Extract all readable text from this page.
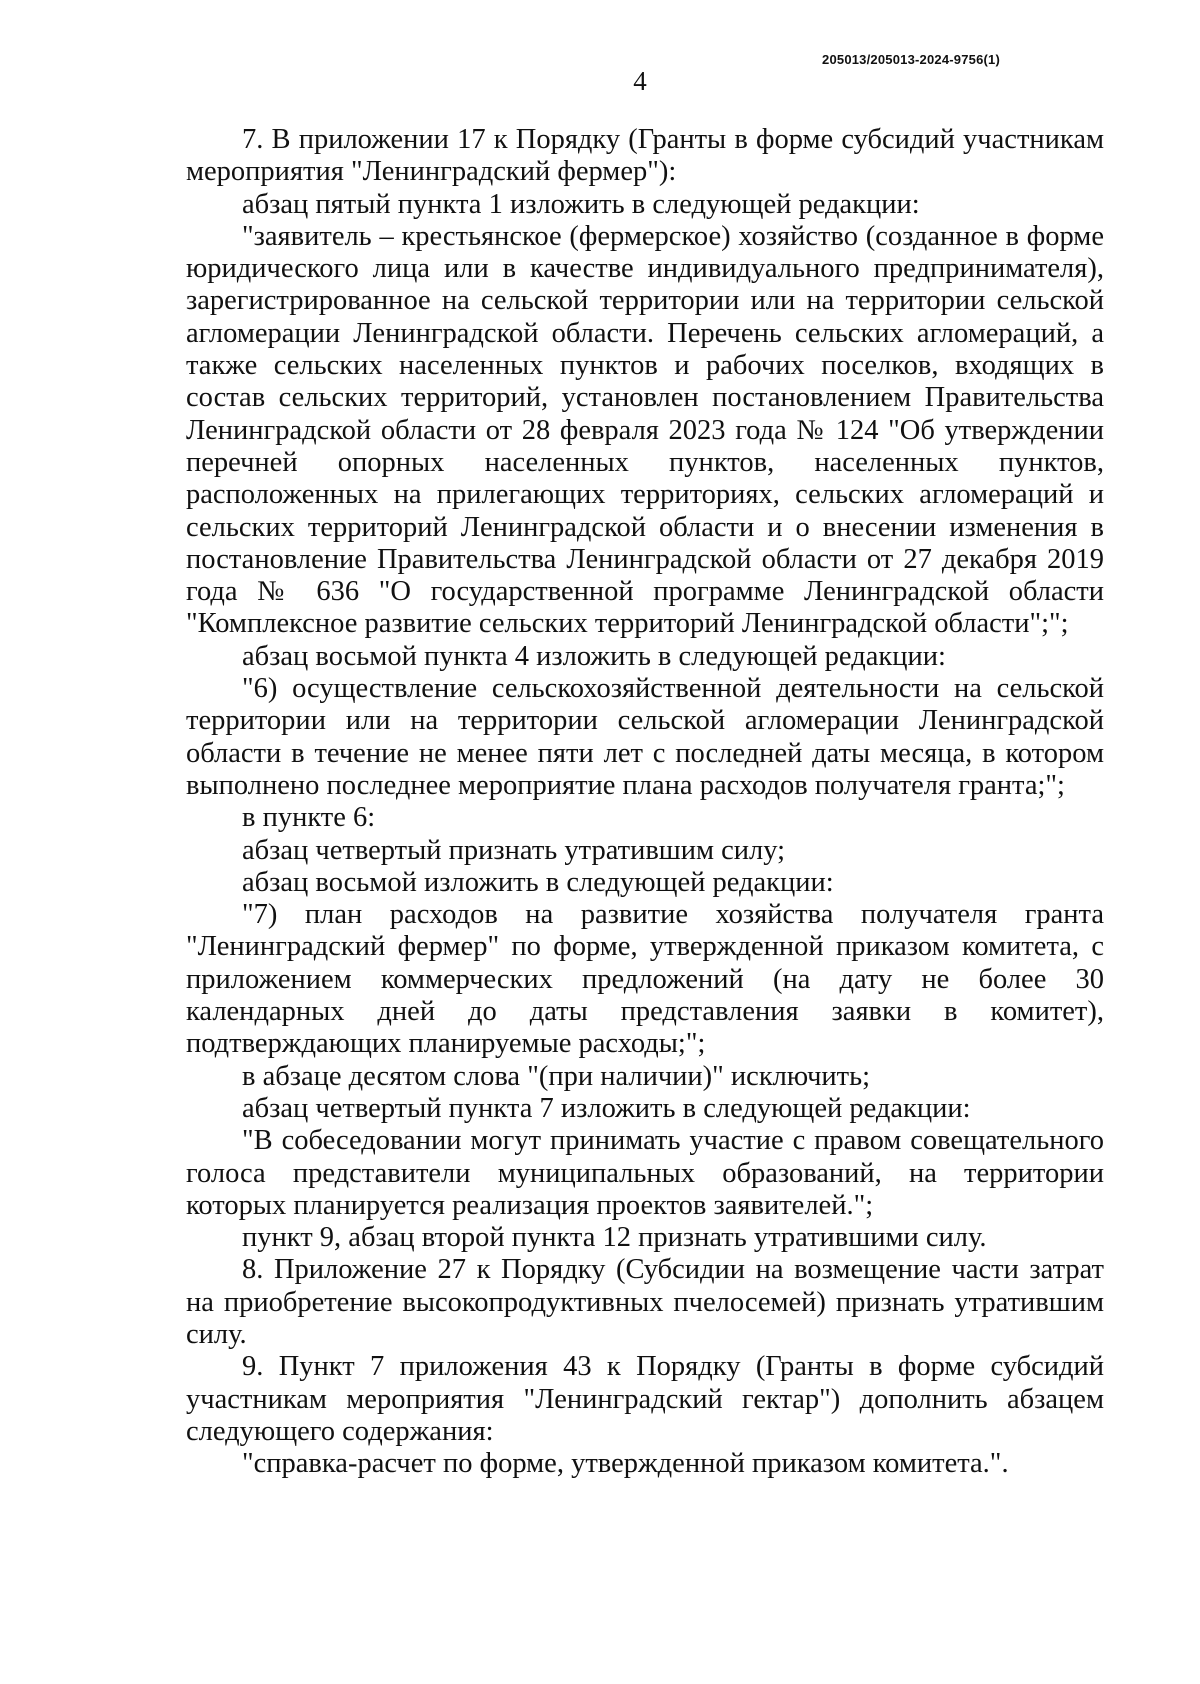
205013/205013-2024-9756(1)
4

7. В приложении 17 к Порядку (Гранты в форме субсидий участникам мероприятия "Ленинградский фермер"):

абзац пятый пункта 1 изложить в следующей редакции:

"заявитель – крестьянское (фермерское) хозяйство (созданное в форме юридического лица или в качестве индивидуального предпринимателя), зарегистрированное на сельской территории или на территории сельской агломерации Ленинградской области. Перечень сельских агломераций, а также сельских населенных пунктов и рабочих поселков, входящих в состав сельских территорий, установлен постановлением Правительства Ленинградской области от 28 февраля 2023 года № 124 "Об утверждении перечней опорных населенных пунктов, населенных пунктов, расположенных на прилегающих территориях, сельских агломераций и сельских территорий Ленинградской области и о внесении изменения в постановление Правительства Ленинградской области от 27 декабря 2019 года № 636 "О государственной программе Ленинградской области "Комплексное развитие сельских территорий Ленинградской области";";

абзац восьмой пункта 4 изложить в следующей редакции:

"6) осуществление сельскохозяйственной деятельности на сельской территории или на территории сельской агломерации Ленинградской области в течение не менее пяти лет с последней даты месяца, в котором выполнено последнее мероприятие плана расходов получателя гранта;";

в пункте 6:

абзац четвертый признать утратившим силу;

абзац восьмой изложить в следующей редакции:

"7) план расходов на развитие хозяйства получателя гранта "Ленинградский фермер" по форме, утвержденной приказом комитета, с приложением коммерческих предложений (на дату не более 30 календарных дней до даты представления заявки в комитет), подтверждающих планируемые расходы;";

в абзаце десятом слова "(при наличии)" исключить;

абзац четвертый пункта 7 изложить в следующей редакции:

"В собеседовании могут принимать участие с правом совещательного голоса представители муниципальных образований, на территории которых планируется реализация проектов заявителей.";

пункт 9, абзац второй пункта 12 признать утратившими силу.

8. Приложение 27 к Порядку (Субсидии на возмещение части затрат на приобретение высокопродуктивных пчелосемей) признать утратившим силу.

9. Пункт 7 приложения 43 к Порядку (Гранты в форме субсидий участникам мероприятия "Ленинградский гектар") дополнить абзацем следующего содержания:

"справка-расчет по форме, утвержденной приказом комитета.".
